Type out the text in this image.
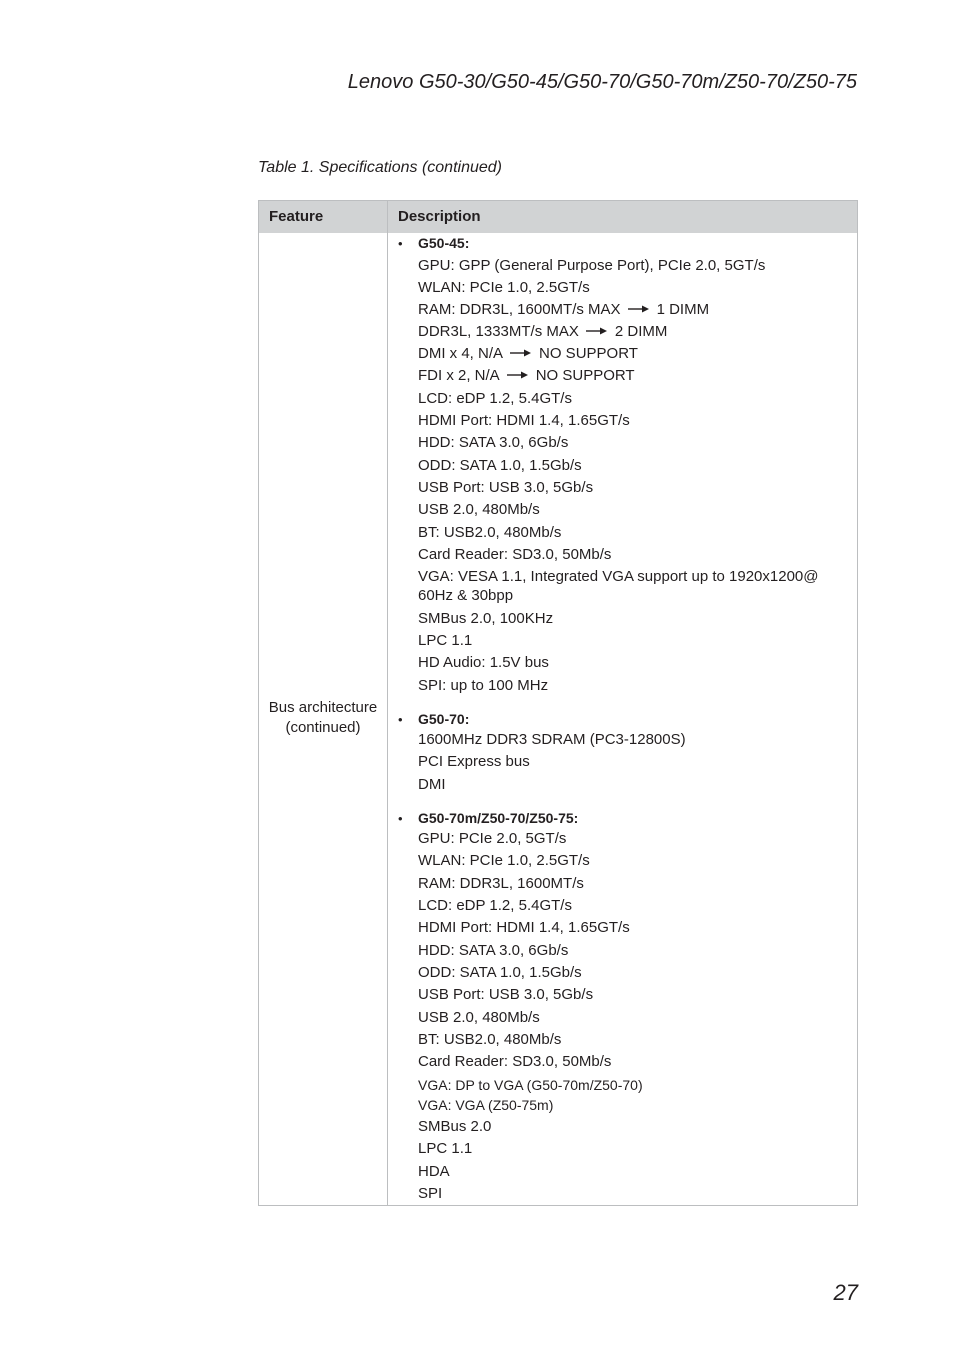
Lenovo G50-30/G50-45/G50-70/G50-70m/Z50-70/Z50-75
Table 1. Specifications (continued)
Feature	Description
Bus architecture
(continued)
• G50-45:
GPU: GPP (General Purpose Port), PCIe 2.0, 5GT/s
WLAN: PCIe 1.0, 2.5GT/s
RAM: DDR3L, 1600MT/s MAX 1 DIMM
DDR3L, 1333MT/s MAX 2 DIMM
DMI x 4, N/A NO SUPPORT
FDI x 2, N/A NO SUPPORT
LCD: eDP 1.2, 5.4GT/s
HDMI Port: HDMI 1.4, 1.65GT/s
HDD: SATA 3.0, 6Gb/s
ODD: SATA 1.0, 1.5Gb/s
USB Port: USB 3.0, 5Gb/s
USB 2.0, 480Mb/s
BT: USB2.0, 480Mb/s
Card Reader: SD3.0, 50Mb/s
VGA: VESA 1.1, Integrated VGA support up to 1920x1200@
60Hz & 30bpp
SMBus 2.0, 100KHz
LPC 1.1
HD Audio: 1.5V bus
SPI: up to 100 MHz
• G50-70:
1600MHz DDR3 SDRAM (PC3-12800S)
PCI Express bus
DMI
• G50-70m/Z50-70/Z50-75:
GPU: PCIe 2.0, 5GT/s
WLAN: PCIe 1.0, 2.5GT/s
RAM: DDR3L, 1600MT/s
LCD: eDP 1.2, 5.4GT/s
HDMI Port: HDMI 1.4, 1.65GT/s
HDD: SATA 3.0, 6Gb/s
ODD: SATA 1.0, 1.5Gb/s
USB Port: USB 3.0, 5Gb/s
USB 2.0, 480Mb/s
BT: USB2.0, 480Mb/s
Card Reader: SD3.0, 50Mb/s
VGA: DP to VGA (G50-70m/Z50-70)
VGA: VGA (Z50-75m)
SMBus 2.0
LPC 1.1
HDA
SPI
27
